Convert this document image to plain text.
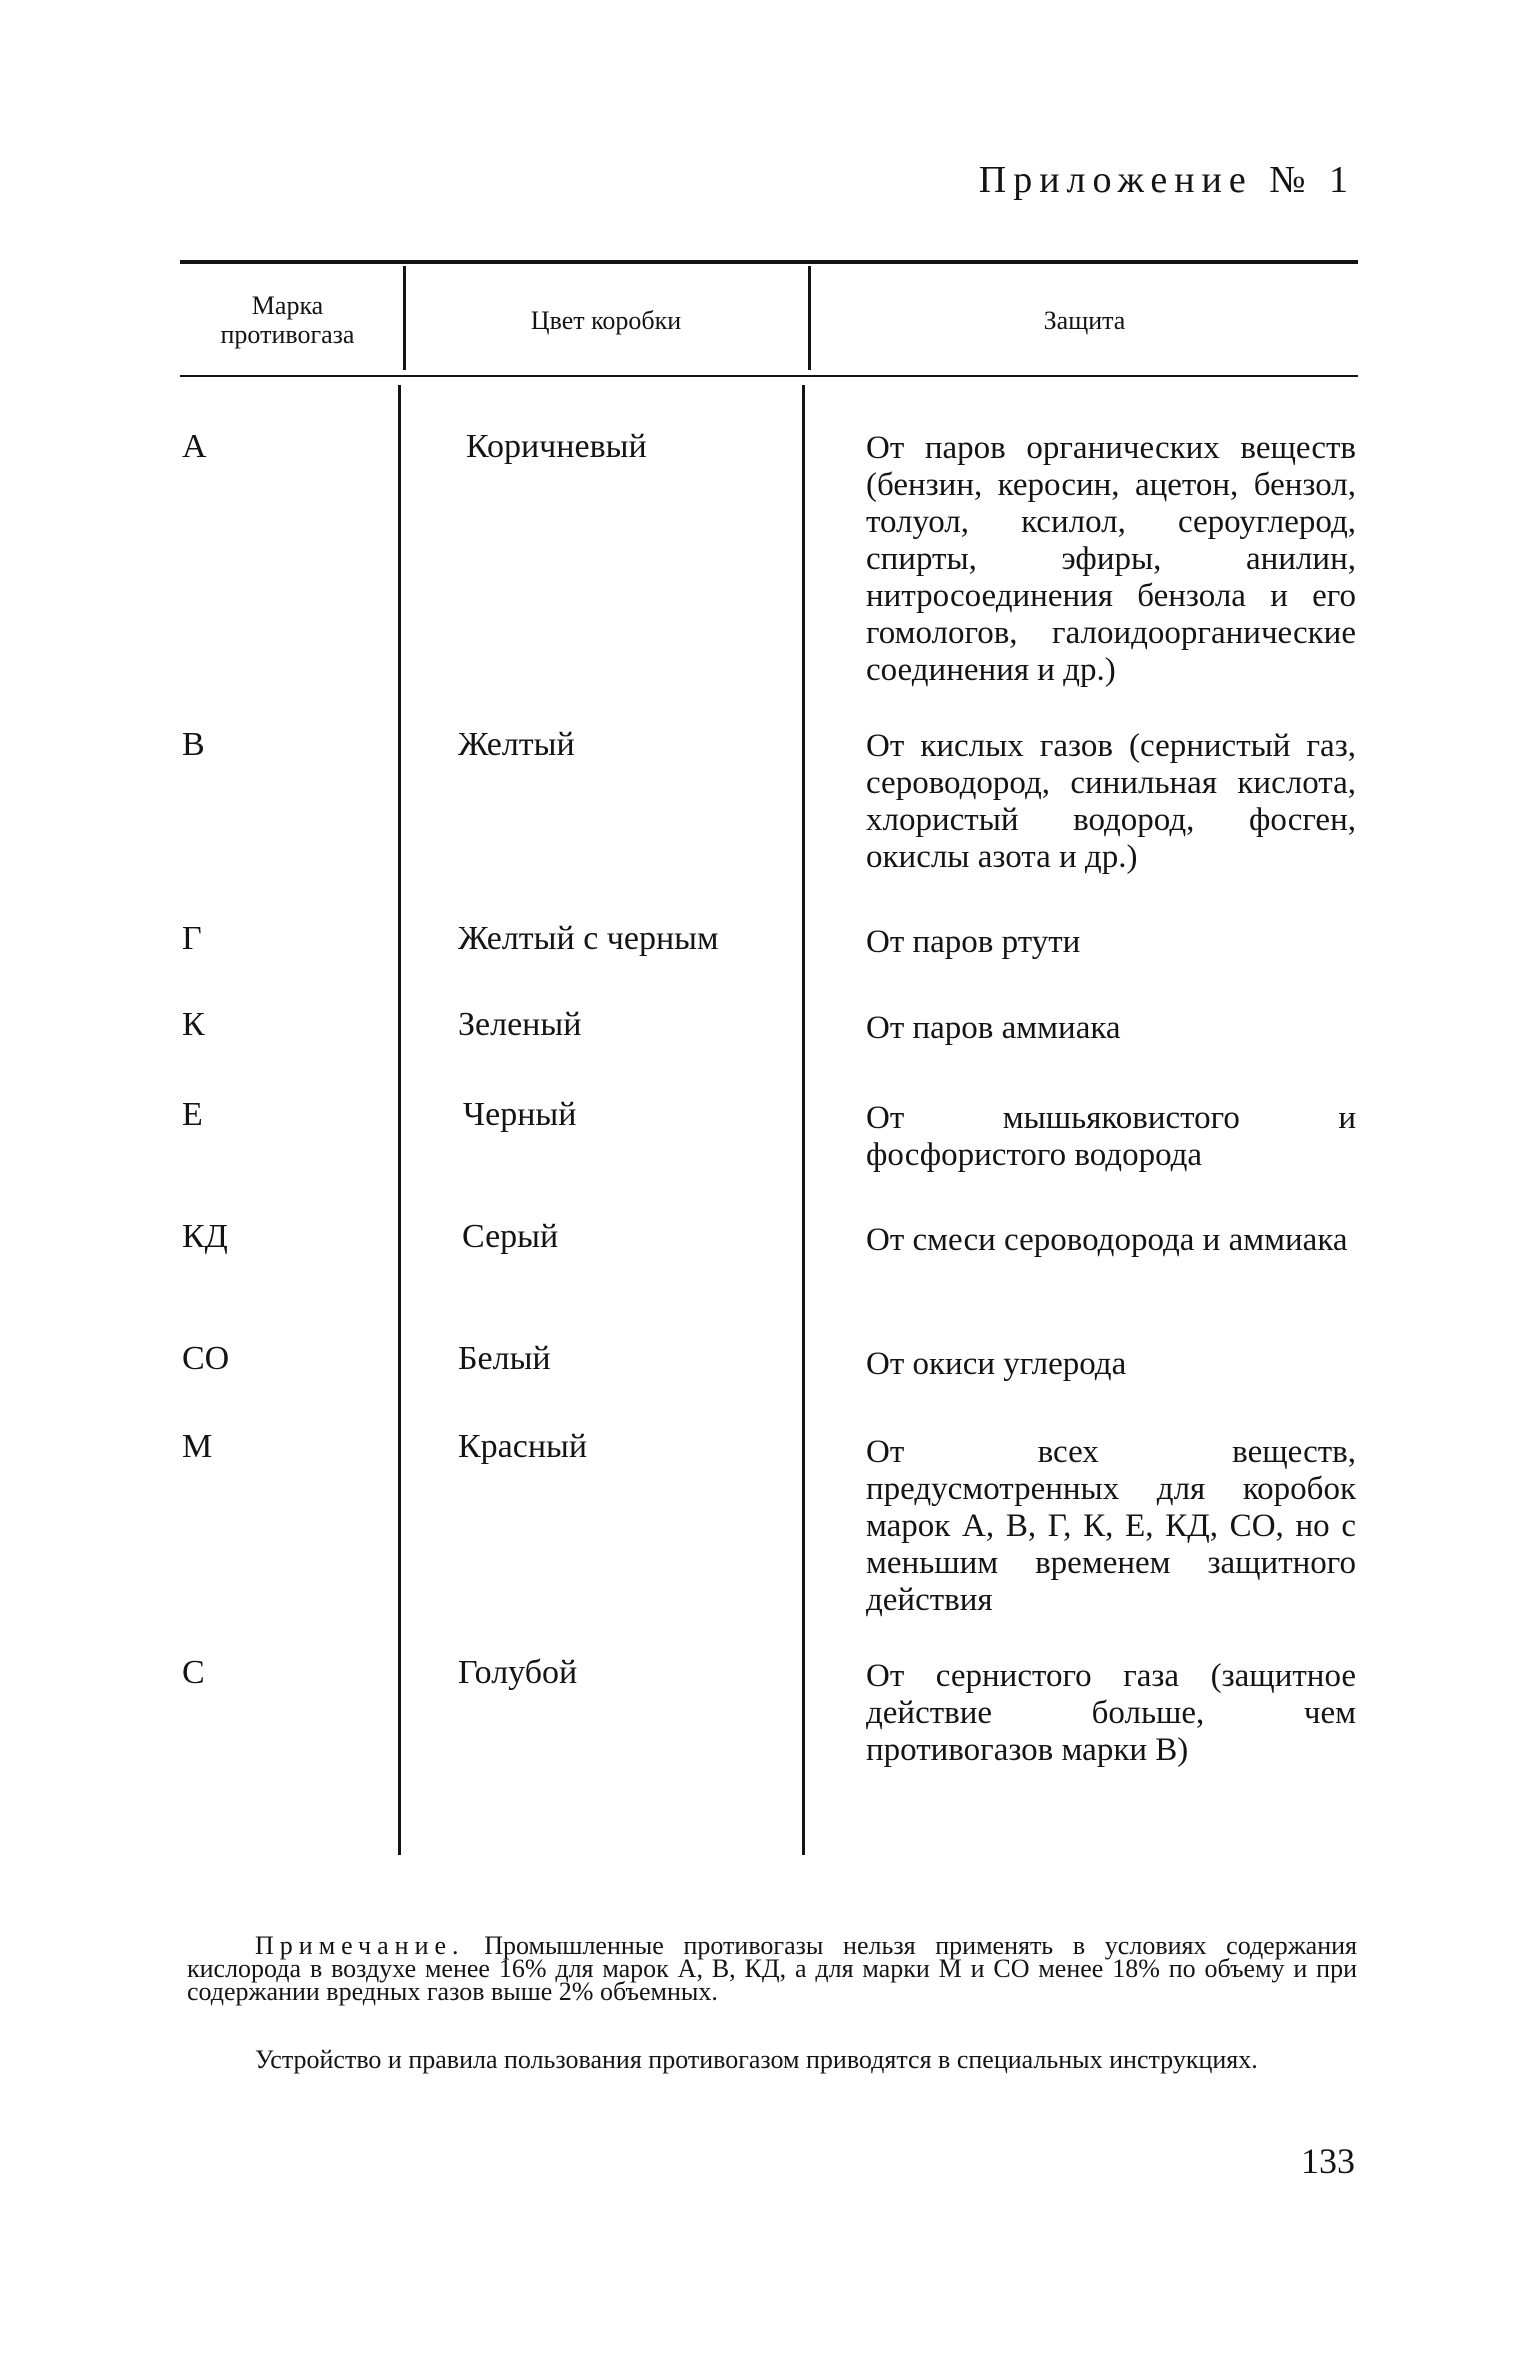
Приложение № 1
Марка противогаза	Цвет коробки	Защита
А	Коричневый	От паров органических веществ (бензин, керосин, ацетон, бензол, толуол, ксилол, сероуглерод, спирты, эфиры, анилин, нитросоединения бензола и его гомологов, галоидоорганические соединения и др.)
В	Желтый	От кислых газов (сернистый газ, сероводород, синильная кислота, хлористый водород, фосген, окислы азота и др.)
Г	Желтый с черным	От паров ртути
К	Зеленый	От паров аммиака
Е	Черный	От мышьяковистого и фосфористого водорода
КД	Серый	От смеси сероводорода и аммиака
СО	Белый	От окиси углерода
М	Красный	От всех веществ, предусмотренных для коробок марок А, В, Г, К, Е, КД, СО, но с меньшим временем защитного действия
С	Голубой	От сернистого газа (защитное действие больше, чем противогазов марки В)
Примечание. Промышленные противогазы нельзя применять в условиях содержания кислорода в воздухе менее 16% для марок А, В, КД, а для марки М и СО менее 18% по объему и при содержании вредных газов выше 2% объемных.
Устройство и правила пользования противогазом приводятся в специальных инструкциях.
133
